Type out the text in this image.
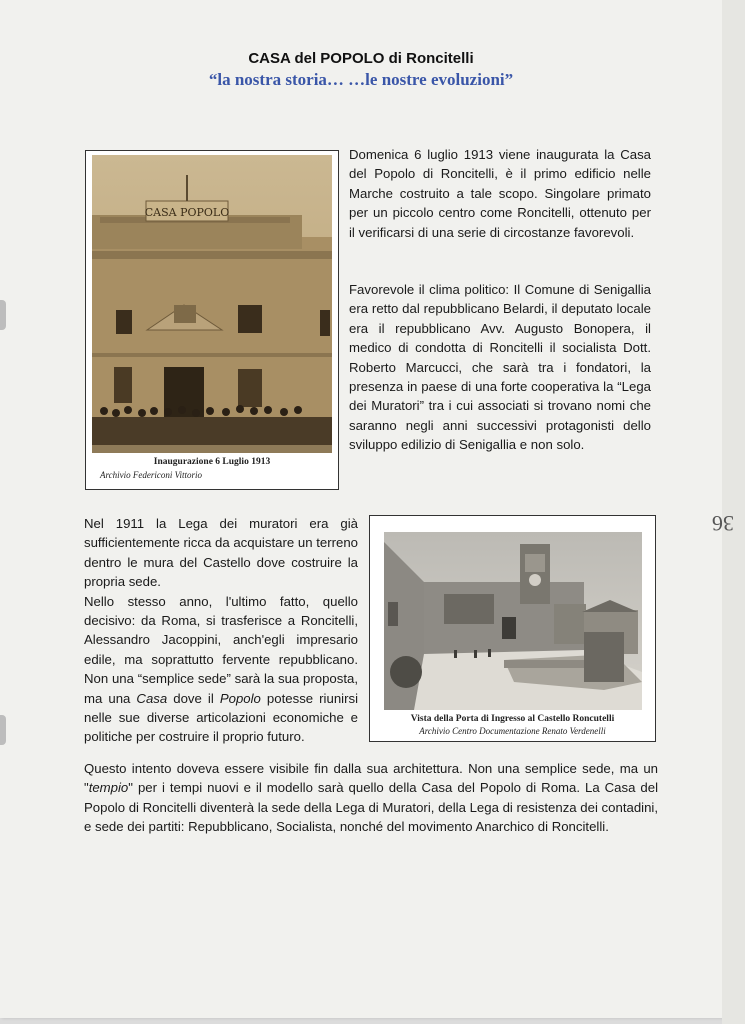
CASA del POPOLO di Roncitelli
“la nostra storia… …le nostre evoluzioni”
CASA POPOLO
Inaugurazione 6 Luglio 1913
Archivio Federiconi Vittorio
Vista della Porta di Ingresso al Castello Roncutelli
Archivio Centro Documentazione Renato Verdenelli
Domenica 6 luglio 1913 viene inaugurata la Casa del Popolo di Roncitelli, è il primo edificio nelle Marche costruito a tale scopo. Singolare primato per un piccolo centro come Roncitelli, ottenuto per il verificarsi di una serie di circostanze favorevoli.
Favorevole il clima politico: Il Comune di Senigallia era retto dal repubblicano Belardi, il deputato locale era il repubblicano Avv. Augusto Bonopera, il medico di condotta di Roncitelli il socialista Dott. Roberto Marcucci, che sarà tra i fondatori, la presenza in paese di una forte cooperativa la “Lega dei Muratori” tra i cui associati si trovano nomi che saranno negli anni successivi protagonisti dello sviluppo edilizio di Senigallia e non solo.
Nel 1911 la Lega dei muratori era già sufficientemente ricca da acquistare un terreno dentro le mura del Castello dove costruire la propria sede.
Nello stesso anno, l'ultimo fatto, quello decisivo: da Roma, si trasferisce a Roncitelli, Alessandro Jacoppini, anch'egli impresario edile, ma soprattutto fervente repubblicano. Non una “semplice sede” sarà la sua proposta, ma una Casa dove il Popolo potesse riunirsi nelle sue diverse articolazioni economiche e politiche per costruire il proprio futuro.
Questo intento doveva essere visibile fin dalla sua architettura. Non una semplice sede, ma un "tempio" per i tempi nuovi e il modello sarà quello della Casa del Popolo di Roma. La Casa del Popolo di Roncitelli diventerà la sede della Lega di Muratori, della Lega di resistenza dei contadini, e sede dei partiti: Repubblicano, Socialista, nonché del movimento Anarchico di Roncitelli.
36
